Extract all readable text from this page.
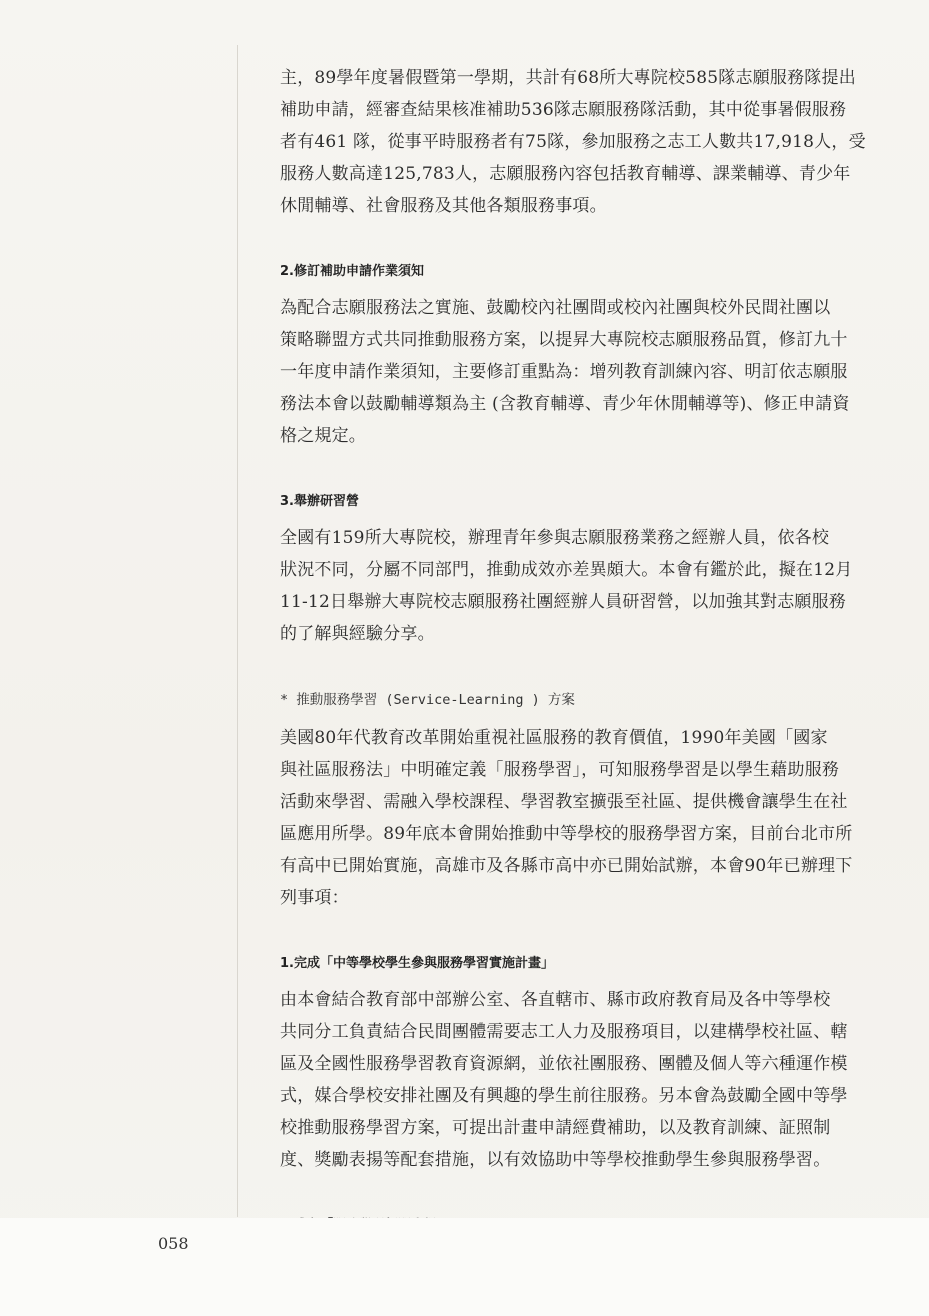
主，89學年度暑假暨第一學期，共計有68所大專院校585隊志願服務隊提出
補助申請，經審查結果核准補助536隊志願服務隊活動，其中從事暑假服務
者有461 隊，從事平時服務者有75隊，參加服務之志工人數共17,918人，受
服務人數高達125,783人，志願服務內容包括教育輔導、課業輔導、青少年
休閒輔導、社會服務及其他各類服務事項。

2.修訂補助申請作業須知

為配合志願服務法之實施、鼓勵校內社團間或校內社團與校外民間社團以
策略聯盟方式共同推動服務方案，以提昇大專院校志願服務品質，修訂九十
一年度申請作業須知，主要修訂重點為：增列教育訓練內容、明訂依志願服
務法本會以鼓勵輔導類為主 (含教育輔導、青少年休閒輔導等)、修正申請資
格之規定。

3.舉辦研習營

全國有159所大專院校，辦理青年參與志願服務業務之經辦人員，依各校
狀況不同，分屬不同部門，推動成效亦差異頗大。本會有鑑於此，擬在12月
11-12日舉辦大專院校志願服務社團經辦人員研習營，以加強其對志願服務
的了解與經驗分享。

* 推動服務學習 (Service-Learning ) 方案

美國80年代教育改革開始重視社區服務的教育價值，1990年美國「國家
與社區服務法」中明確定義「服務學習」，可知服務學習是以學生藉助服務
活動來學習、需融入學校課程、學習教室擴張至社區、提供機會讓學生在社
區應用所學。89年底本會開始推動中等學校的服務學習方案，目前台北市所
有高中已開始實施，高雄市及各縣市高中亦已開始試辦，本會90年已辦理下
列事項：

1.完成「中等學校學生參與服務學習實施計畫」

由本會結合教育部中部辦公室、各直轄市、縣市政府教育局及各中等學校
共同分工負責結合民間團體需要志工人力及服務項目，以建構學校社區、轄
區及全國性服務學習教育資源網，並依社團服務、團體及個人等六種運作模
式，媒合學校安排社團及有興趣的學生前往服務。另本會為鼓勵全國中等學
校推動服務學習方案，可提出計畫申請經費補助，以及教育訓練、証照制
度、獎勵表揚等配套措施，以有效協助中等學校推動學生參與服務學習。

058
